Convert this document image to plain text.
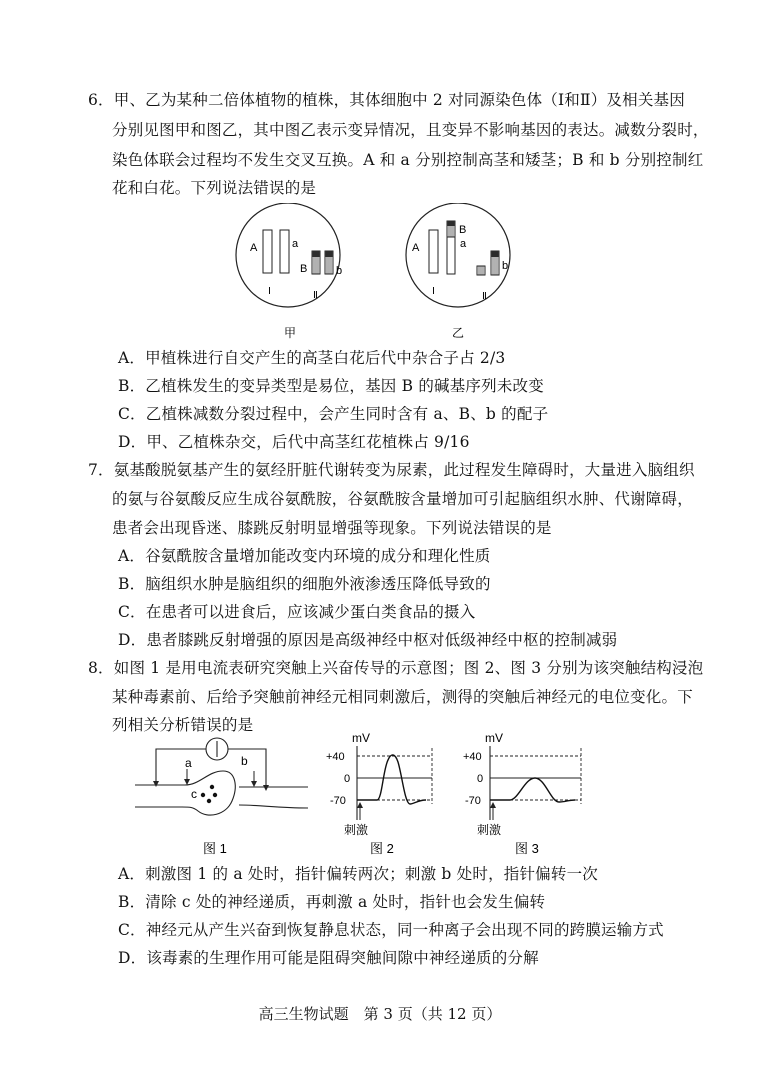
6．甲、乙为某种二倍体植物的植株，其体细胞中 2 对同源染色体（Ⅰ和Ⅱ）及相关基因
分别见图甲和图乙，其中图乙表示变异情况，且变异不影响基因的表达。减数分裂时，
染色体联会过程均不发生交叉互换。A 和 a 分别控制高茎和矮茎；B 和 b 分别控制红
花和白花。下列说法错误的是
A	a
B	b
Ⅰ	Ⅱ
甲
A
B
a
b
Ⅰ	Ⅱ
乙
A．甲植株进行自交产生的高茎白花后代中杂合子占 2/3
B．乙植株发生的变异类型是易位，基因 B 的碱基序列未改变
C．乙植株减数分裂过程中，会产生同时含有 a、B、b 的配子
D．甲、乙植株杂交，后代中高茎红花植株占 9/16
7．氨基酸脱氨基产生的氨经肝脏代谢转变为尿素，此过程发生障碍时，大量进入脑组织
的氨与谷氨酸反应生成谷氨酰胺，谷氨酰胺含量增加可引起脑组织水肿、代谢障碍，
患者会出现昏迷、膝跳反射明显增强等现象。下列说法错误的是
A．谷氨酰胺含量增加能改变内环境的成分和理化性质
B．脑组织水肿是脑组织的细胞外液渗透压降低导致的
C．在患者可以进食后，应该减少蛋白类食品的摄入
D．患者膝跳反射增强的原因是高级神经中枢对低级神经中枢的控制减弱
8．如图 1 是用电流表研究突触上兴奋传导的示意图；图 2、图 3 分别为该突触结构浸泡
某种毒素前、后给予突触前神经元相同刺激后，测得的突触后神经元的电位变化。下
列相关分析错误的是
a	b
c
图 1
mV
+40
0
-70
刺激
图 2
mV
+40
0
-70
刺激
图 3
A．刺激图 1 的 a 处时，指针偏转两次；刺激 b 处时，指针偏转一次
B．清除 c 处的神经递质，再刺激 a 处时，指针也会发生偏转
C．神经元从产生兴奋到恢复静息状态，同一种离子会出现不同的跨膜运输方式
D．该毒素的生理作用可能是阻碍突触间隙中神经递质的分解
高三生物试题　第 3 页（共 12 页）
